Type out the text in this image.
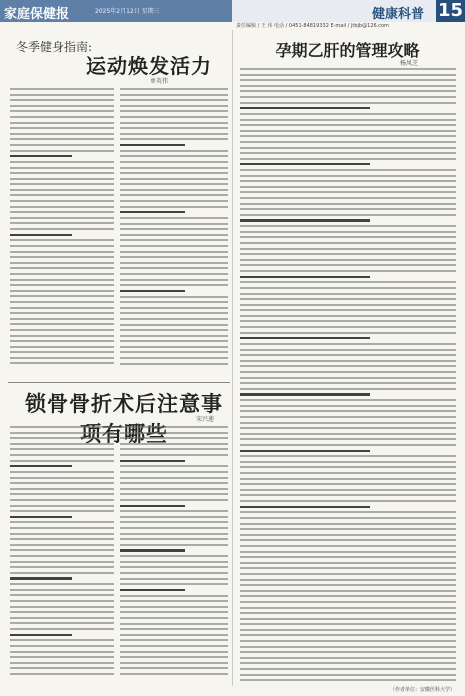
家庭保健报	2025年2月12日 星期三	健康科普 15
责任编辑 / 王 伟 电话 / 0451-84819332 E-mail / jtbjb@126.com
冬季健身指南:
运动焕发活力
单英伟
锁骨骨折术后注意事
宋兴莲
孕期乙肝的管理攻略
杨凤芝
（作者单位：安徽医科大学）
